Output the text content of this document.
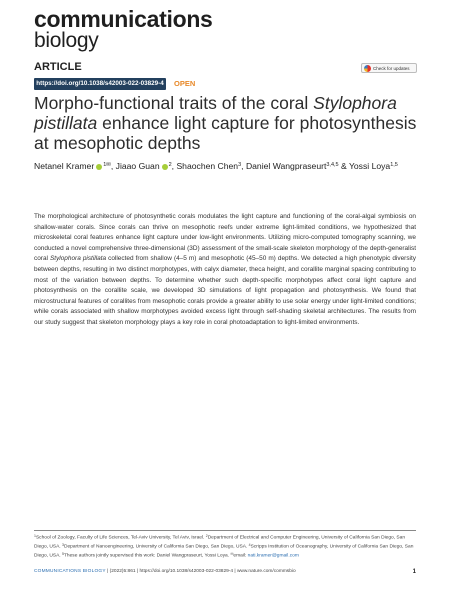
communications
biology
ARTICLE	Check for updates
https://doi.org/10.1038/s42003-022-03829-4	OPEN
Morpho-functional traits of the coral Stylophora pistillata enhance light capture for photosynthesis at mesophotic depths
Netanel Kramer $^{1✉}$, Jiaao Guan $^2$, Shaochen Chen$^3$, Daniel Wangpraseurt$^{3,4,5}$ & Yossi Loya$^{1,5}$

The morphological architecture of photosynthetic corals modulates the light capture and functioning of the coral-algal symbiosis on shallow-water corals. Since corals can thrive on mesophotic reefs under extreme light-limited conditions, we hypothesized that microskeletal coral features enhance light capture under low-light environments. Utilizing micro-computed tomography scanning, we conducted a novel comprehensive three-dimensional (3D) assessment of the small-scale skeleton morphology of the depth-generalist coral Stylophora pistillata collected from shallow (4–5 m) and mesophotic (45–50 m) depths. We detected a high phenotypic diversity between depths, resulting in two distinct morphotypes, with calyx diameter, theca height, and corallite marginal spacing contributing to most of the variation between depths. To determine whether such depth-specific morphotypes affect coral light capture and photosynthesis on the corallite scale, we developed 3D simulations of light propagation and photosynthesis. We found that microstructural features of corallites from mesophotic corals provide a greater ability to use solar energy under light-limited conditions; while corals associated with shallow morphotypes avoided excess light through self-shading skeletal architectures. The results from our study suggest that skeleton morphology plays a key role in coral photoadaptation to light-limited environments.

$^1$School of Zoology, Faculty of Life Sciences, Tel-Aviv University, Tel Aviv, Israel. $^2$Department of Electrical and Computer Engineering, University of California San Diego, San Diego, USA. $^3$Department of Nanoengineering, University of California San Diego, San Diego, USA. $^4$Scripps Institution of Oceanography, University of California San Diego, San Diego, USA. $^5$These authors jointly supervised this work: Daniel Wangpraseurt, Yossi Loya. ✉email: nati.kramer@gmail.com

COMMUNICATIONS BIOLOGY | (2022)5:861 | https://doi.org/10.1038/s42003-022-03829-4 | www.nature.com/commsbio	1
